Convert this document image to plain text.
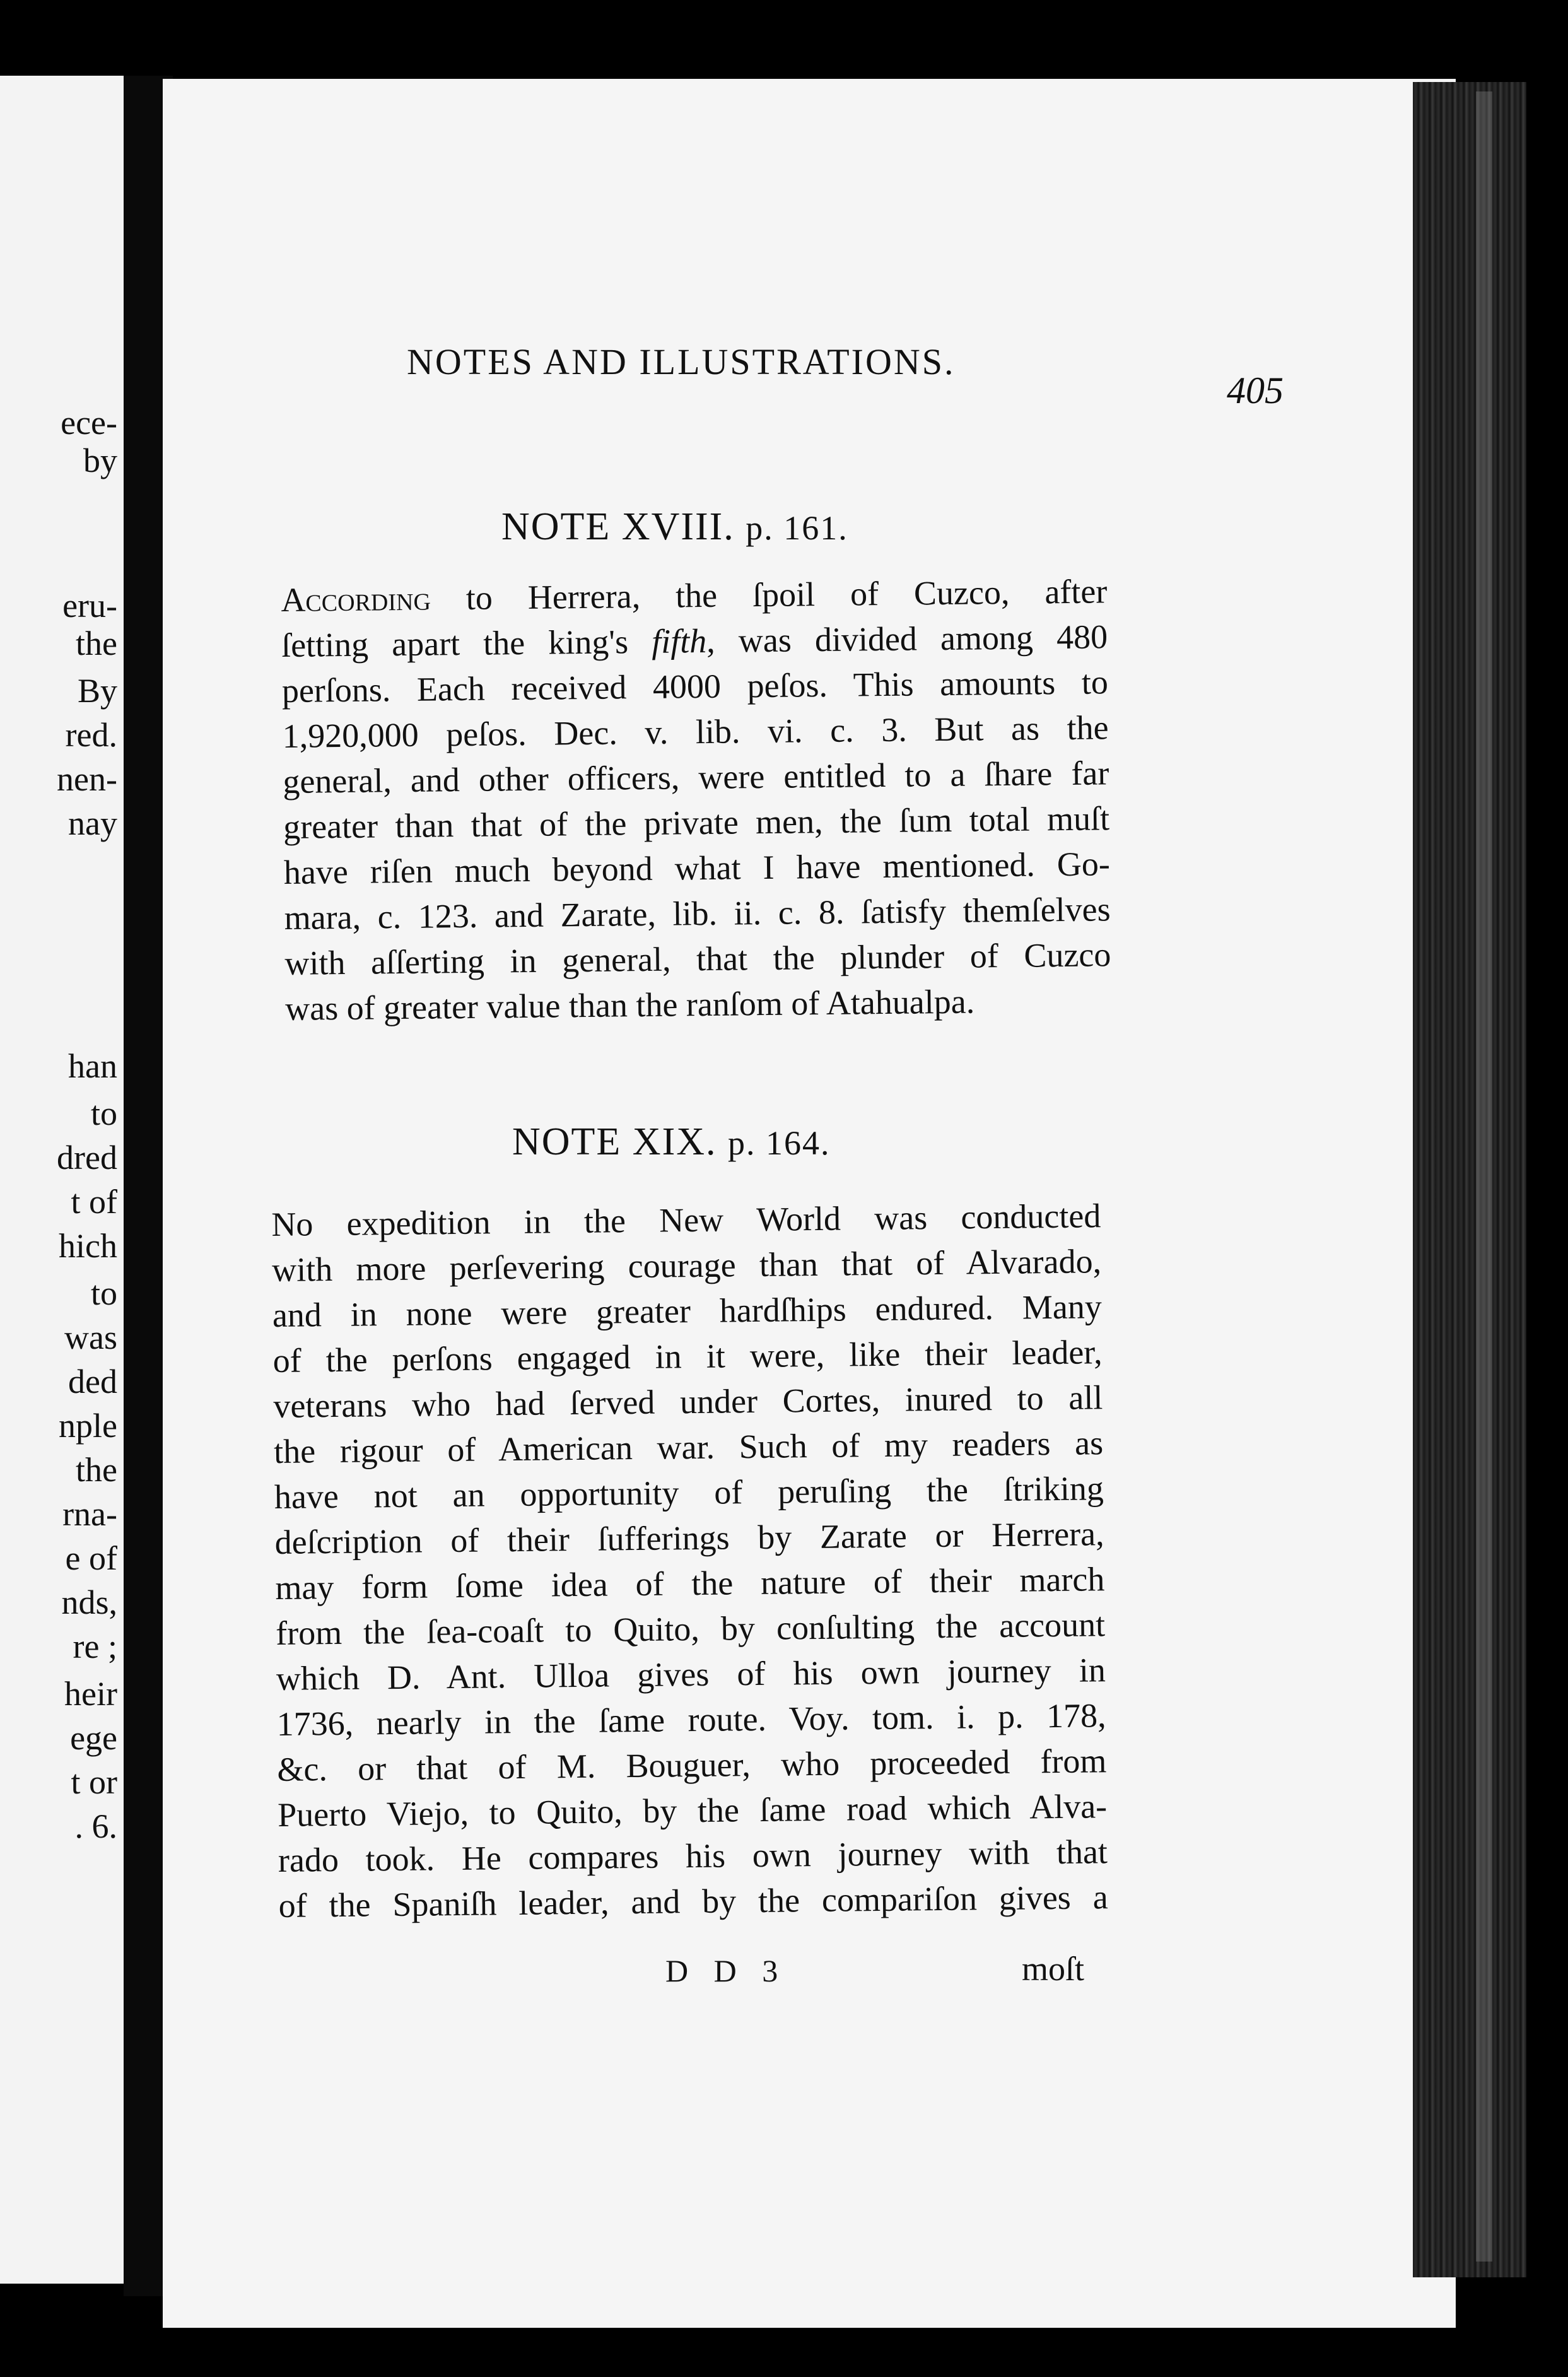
ece-
by
eru-
the
By
red.
nen-
nay
han
to
dred
t of
hich
to
was
ded
nple
the
rna-
e of
nds,
re ;
heir
ege
t or
. 6.
NOTES AND ILLUSTRATIONS.
405
NOTE XVIII. p. 161.
According to Herrera, the ſpoil of Cuzco, after
ſetting apart the king's fifth, was divided among 480
perſons. Each received 4000 peſos. This amounts to
1,920,000 peſos. Dec. v. lib. vi. c. 3. But as the
general, and other officers, were entitled to a ſhare far
greater than that of the private men, the ſum total muſt
have riſen much beyond what I have mentioned. Go-
mara, c. 123. and Zarate, lib. ii. c. 8. ſatisfy themſelves
with aſſerting in general, that the plunder of Cuzco
was of greater value than the ranſom of Atahualpa.
NOTE XIX. p. 164.
No expedition in the New World was conducted
with more perſevering courage than that of Alvarado,
and in none were greater hardſhips endured. Many
of the perſons engaged in it were, like their leader,
veterans who had ſerved under Cortes, inured to all
the rigour of American war. Such of my readers as
have not an opportunity of peruſing the ſtriking
deſcription of their ſufferings by Zarate or Herrera,
may form ſome idea of the nature of their march
from the ſea-coaſt to Quito, by conſulting the account
which D. Ant. Ulloa gives of his own journey in
1736, nearly in the ſame route. Voy. tom. i. p. 178,
&c. or that of M. Bouguer, who proceeded from
Puerto Viejo, to Quito, by the ſame road which Alva-
rado took. He compares his own journey with that
of the Spaniſh leader, and by the compariſon gives a
D D 3	moſt
